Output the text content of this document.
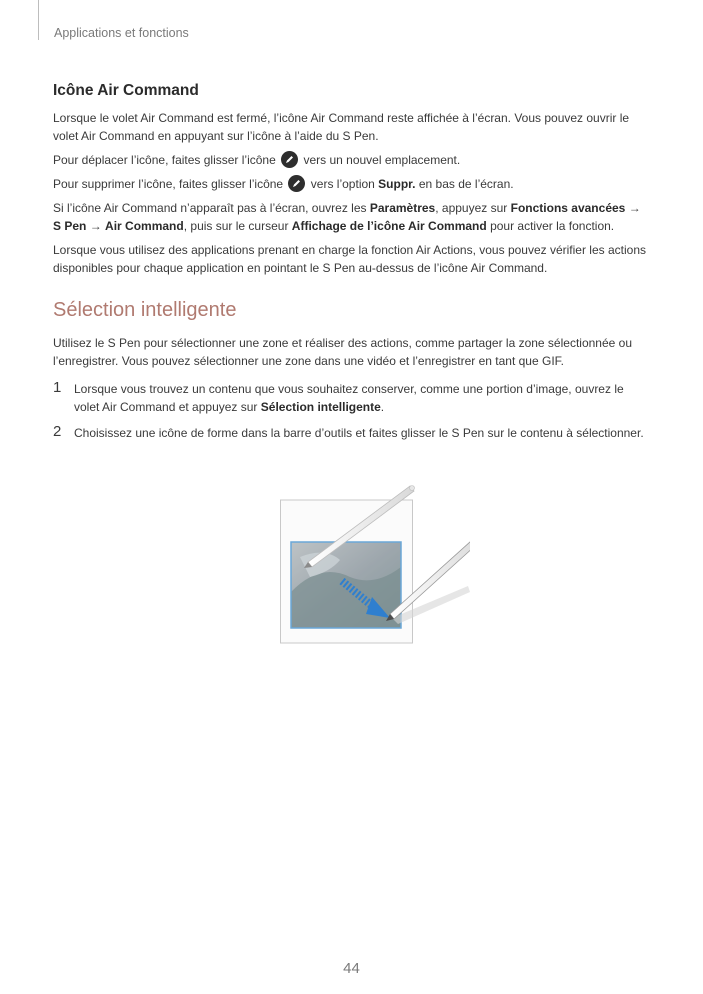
Applications et fonctions
Icône Air Command

Lorsque le volet Air Command est fermé, l’icône Air Command reste affichée à l’écran. Vous pouvez ouvrir le volet Air Command en appuyant sur l’icône à l’aide du S Pen.

Pour déplacer l’icône, faites glisser l’icône vers un nouvel emplacement.

Pour supprimer l’icône, faites glisser l’icône vers l’option Suppr. en bas de l’écran.

Si l’icône Air Command n’apparaît pas à l’écran, ouvrez les Paramètres, appuyez sur Fonctions avancées → S Pen → Air Command, puis sur le curseur Affichage de l’icône Air Command pour activer la fonction.

Lorsque vous utilisez des applications prenant en charge la fonction Air Actions, vous pouvez vérifier les actions disponibles pour chaque application en pointant le S Pen au-dessus de l’icône Air Command.

Sélection intelligente

Utilisez le S Pen pour sélectionner une zone et réaliser des actions, comme partager la zone sélectionnée ou l’enregistrer. Vous pouvez sélectionner une zone dans une vidéo et l’enregistrer en tant que GIF.

1 Lorsque vous trouvez un contenu que vous souhaitez conserver, comme une portion d’image, ouvrez le volet Air Command et appuyez sur Sélection intelligente.
2 Choisissez une icône de forme dans la barre d’outils et faites glisser le S Pen sur le contenu à sélectionner.
44
